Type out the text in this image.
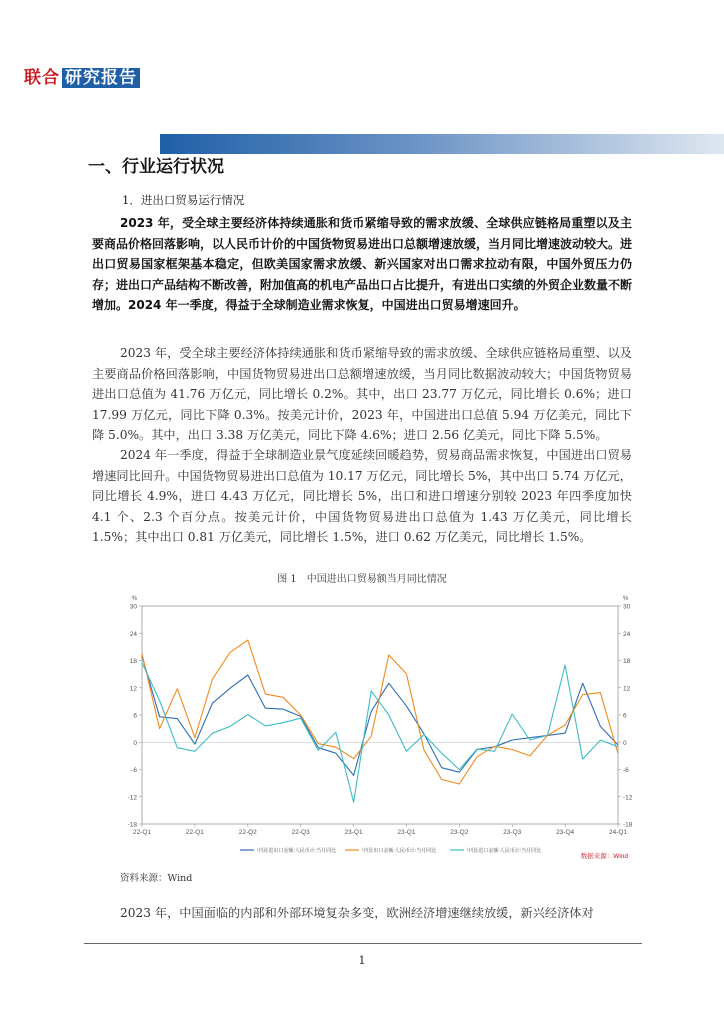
联合 研究报告
一、行业运行状况
1．进出口贸易运行情况

2023 年，受全球主要经济体持续通胀和货币紧缩导致的需求放缓、全球供应链格局重塑以及主要商品价格回落影响，以人民币计价的中国货物贸易进出口总额增速放缓，当月同比增速波动较大。进出口贸易国家框架基本稳定，但欧美国家需求放缓、新兴国家对出口需求拉动有限，中国外贸压力仍存；进出口产品结构不断改善，附加值高的机电产品出口占比提升，有进出口实绩的外贸企业数量不断增加。2024 年一季度，得益于全球制造业需求恢复，中国进出口贸易增速回升。

2023 年，受全球主要经济体持续通胀和货币紧缩导致的需求放缓、全球供应链格局重塑、以及主要商品价格回落影响，中国货物贸易进出口总额增速放缓，当月同比数据波动较大；中国货物贸易进出口总值为 41.76 万亿元，同比增长 0.2%。其中，出口 23.77 万亿元，同比增长 0.6%；进口 17.99 万亿元，同比下降 0.3%。按美元计价，2023 年，中国进出口总值 5.94 万亿美元，同比下降 5.0%。其中，出口 3.38 万亿美元，同比下降 4.6%；进口 2.56 亿美元，同比下降 5.5%。

2024 年一季度，得益于全球制造业景气度延续回暖趋势，贸易商品需求恢复，中国进出口贸易增速同比回升。中国货物贸易进出口总值为 10.17 万亿元，同比增长 5%，其中出口 5.74 万亿元，同比增长 4.9%，进口 4.43 万亿元，同比增长 5%，出口和进口增速分别较 2023 年四季度加快 4.1 个、2.3 个百分点。按美元计价，中国货物贸易进出口总值为 1.43 万亿美元，同比增长 1.5%；其中出口 0.81 万亿美元，同比增长 1.5%，进口 0.62 万亿美元，同比增长 1.5%。

图 1　中国进出口贸易额当月同比情况
-18	-18
-12	-12
-6	-6
0	0
6	6
12	12
18	18
24	24
30	30
%	%
22-Q1	22-Q1	22-Q2	22-Q3	23-Q1	23-Q1	23-Q2	23-Q3	23-Q4	24-Q1
中国:进出口金额:人民币计:当月同比	中国:出口金额:人民币计:当月同比	中国:进口金额:人民币计:当月同比
数据来源：Wind
资料来源：Wind

2023 年，中国面临的内部和外部环境复杂多变，欧洲经济增速继续放缓，新兴经济体对

1
